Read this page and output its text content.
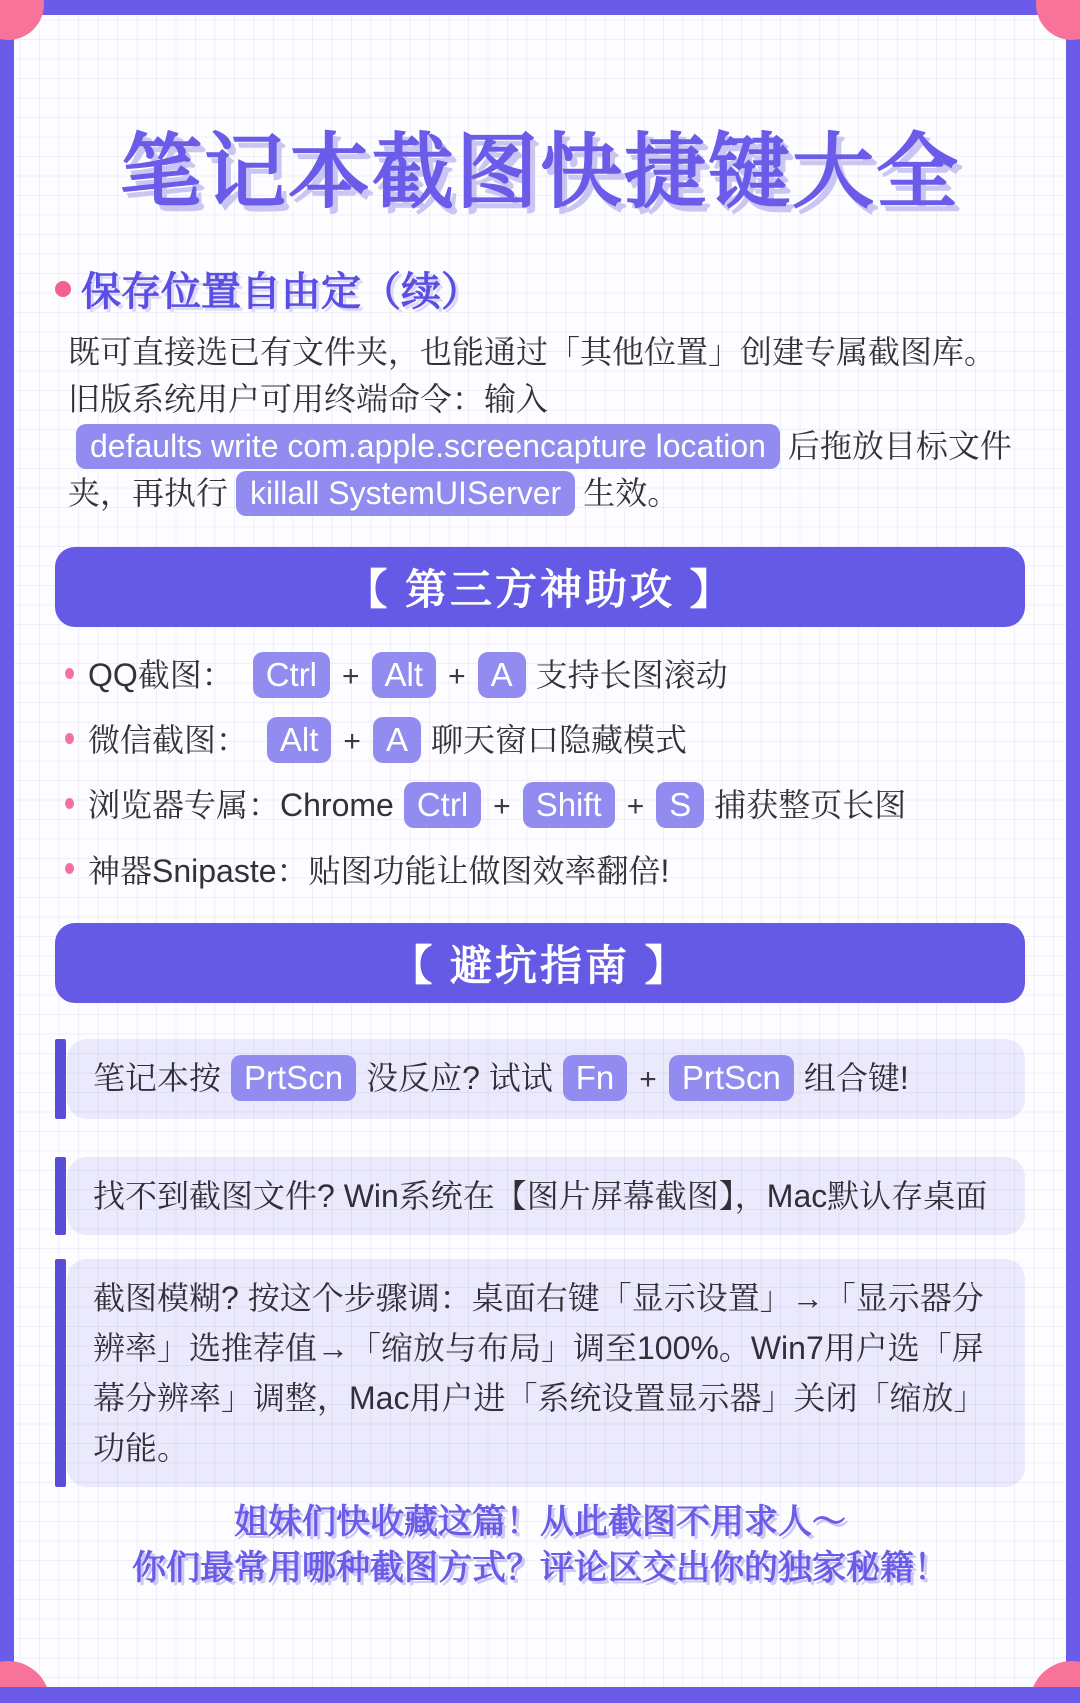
笔记本截图快捷键大全
保存位置自由定（续）

既可直接选已有文件夹，也能通过「其他位置」创建专属截图库。旧版系统用户可用终端命令：输入defaults write com.apple.screencapture location 后拖放目标文件夹，再执行 killall SystemUIServer 生效。

【 第三方神助攻 】
QQ截图： Ctrl + Alt + A 支持长图滚动
微信截图： Alt + A 聊天窗口隐藏模式
浏览器专属：Chrome Ctrl + Shift + S 捕获整页长图
神器Snipaste：贴图功能让做图效率翻倍!
【 避坑指南 】
笔记本按 PrtScn 没反应? 试试 Fn + PrtScn 组合键!
找不到截图文件? Win系统在【图片屏幕截图】，Mac默认存桌面
截图模糊? 按这个步骤调：桌面右键「显示设置」→「显示器分辨率」选推荐值→「缩放与布局」调至100%。Win7用户选「屏幕分辨率」调整，Mac用户进「系统设置显示器」关闭「缩放」功能。
姐妹们快收藏这篇！从此截图不用求人～
你们最常用哪种截图方式？评论区交出你的独家秘籍！
